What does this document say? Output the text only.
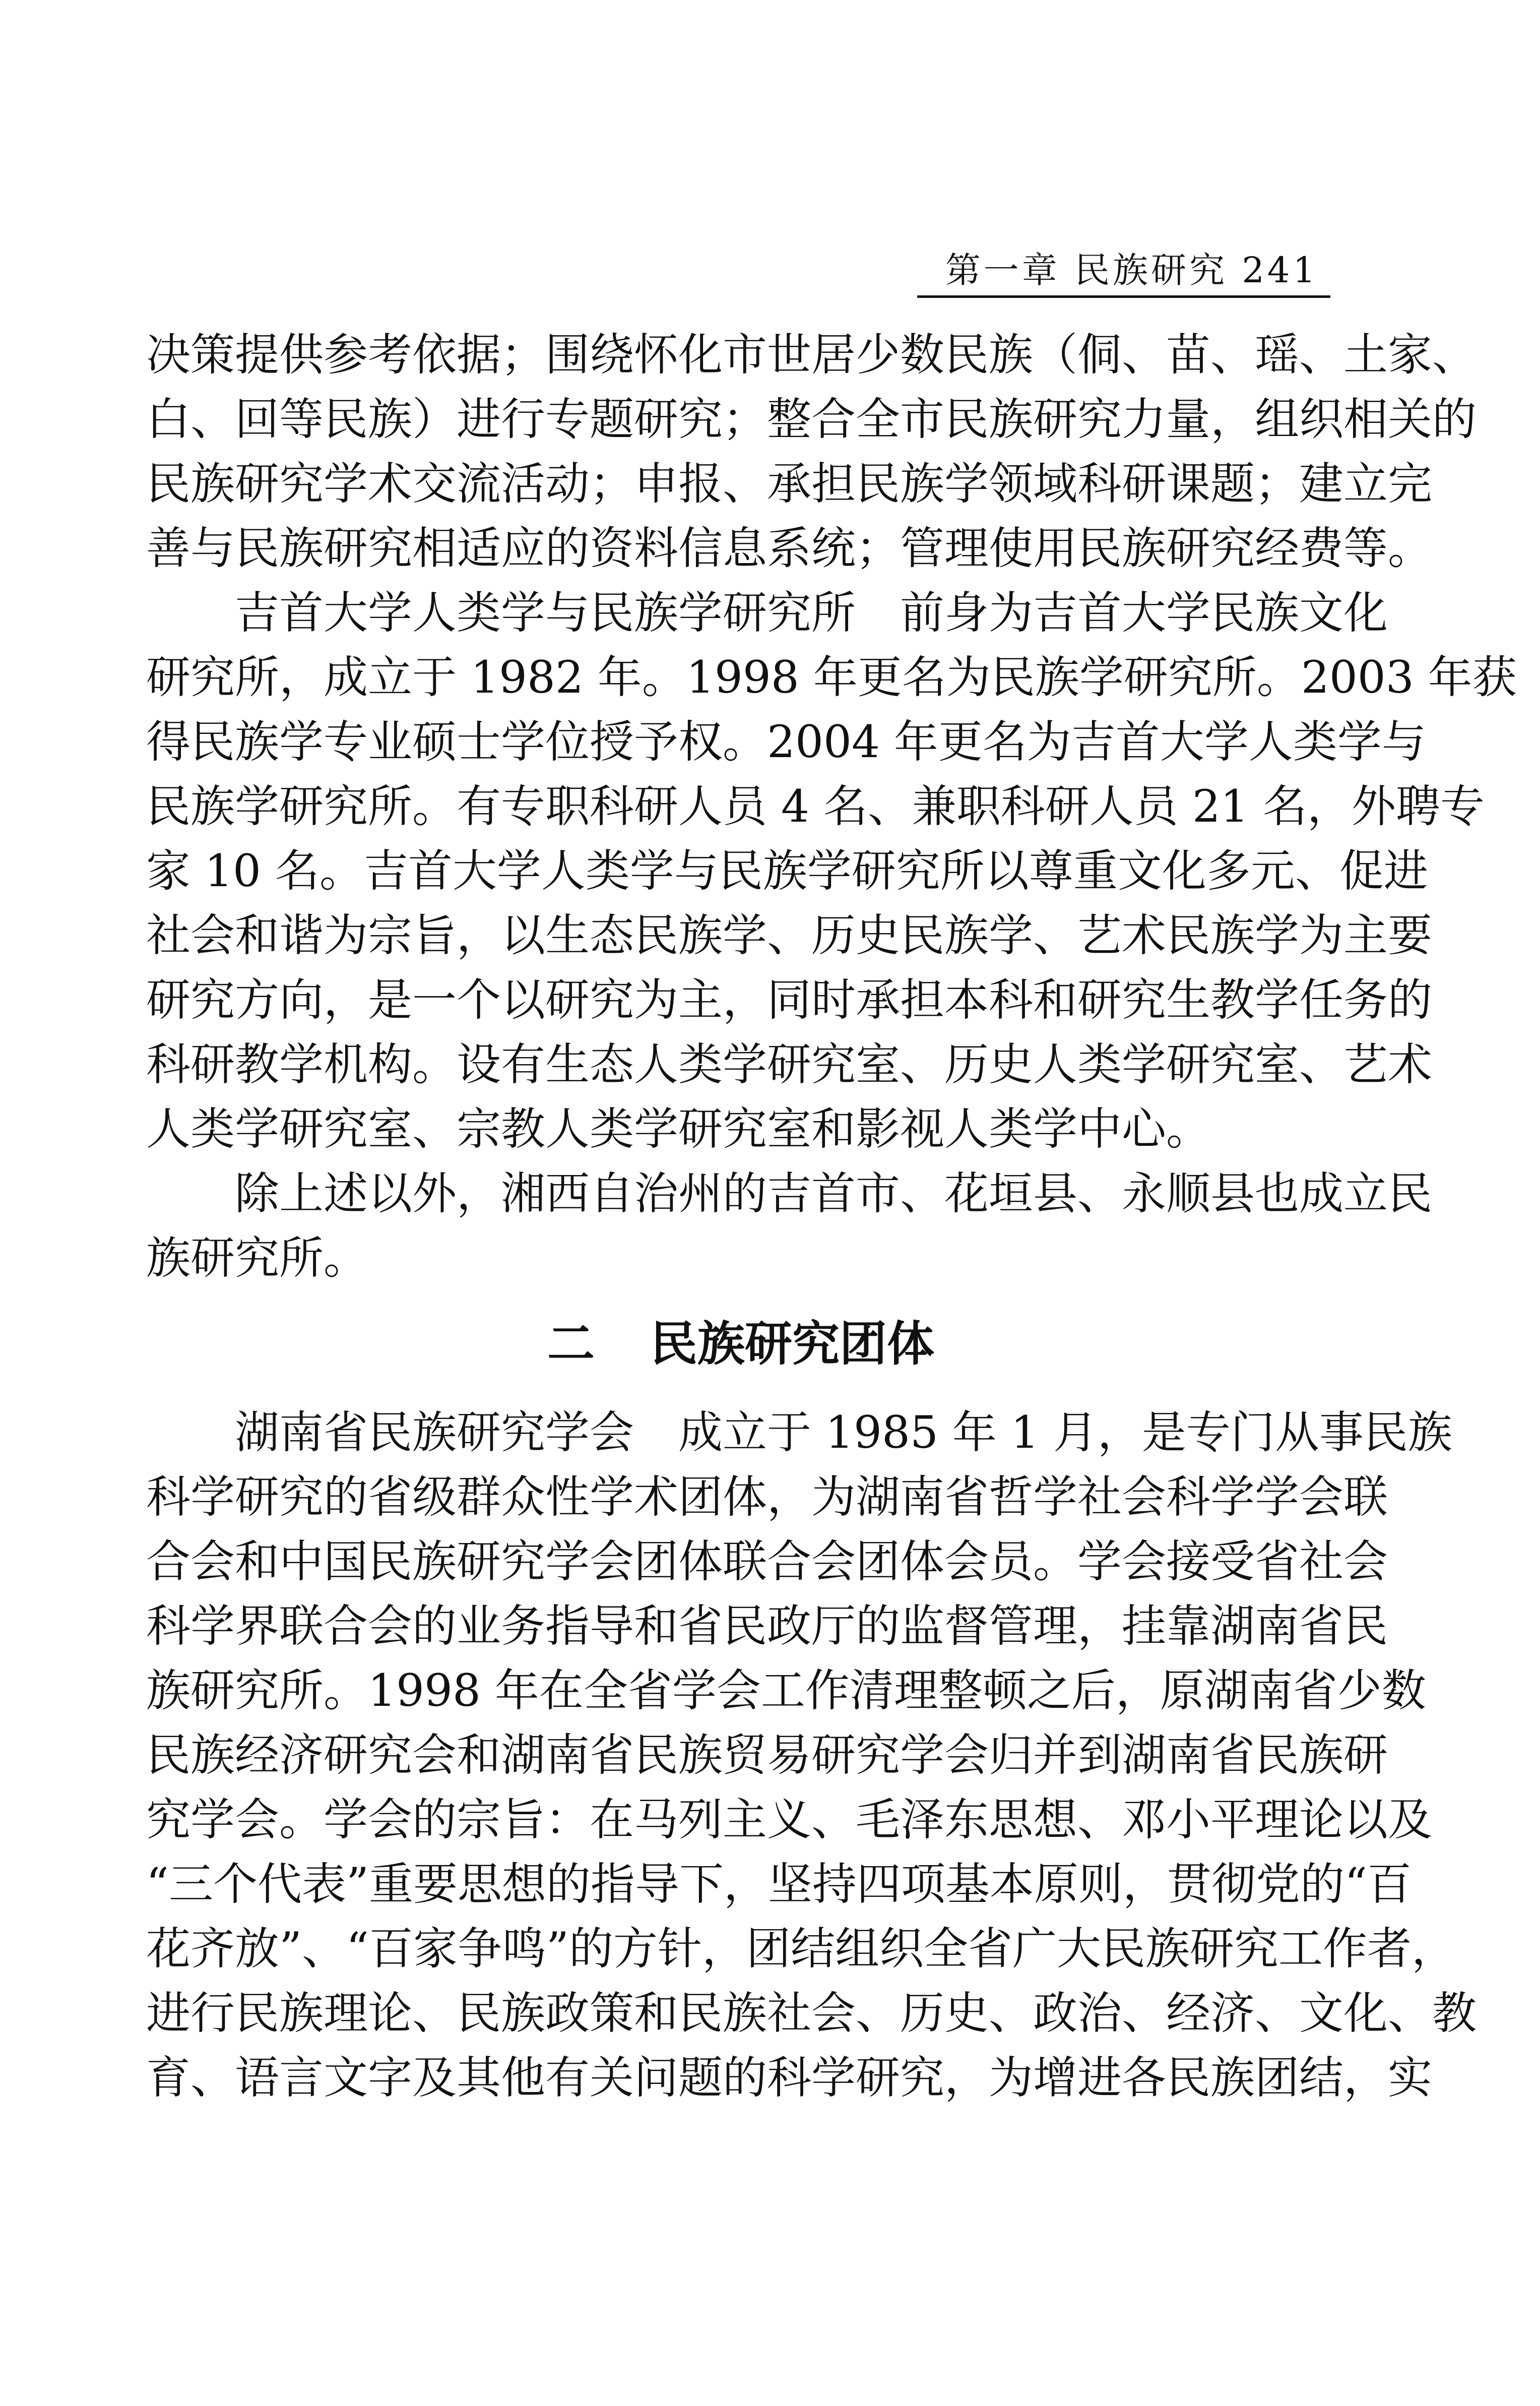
第一章 民族研究 241
决策提供参考依据；围绕怀化市世居少数民族（侗、苗、瑶、土家、
白、回等民族）进行专题研究；整合全市民族研究力量，组织相关的
民族研究学术交流活动；申报、承担民族学领域科研课题；建立完
善与民族研究相适应的资料信息系统；管理使用民族研究经费等。
吉首大学人类学与民族学研究所　前身为吉首大学民族文化
研究所，成立于 1982 年。1998 年更名为民族学研究所。2003 年获
得民族学专业硕士学位授予权。2004 年更名为吉首大学人类学与
民族学研究所。有专职科研人员 4 名、兼职科研人员 21 名，外聘专
家 10 名。吉首大学人类学与民族学研究所以尊重文化多元、促进
社会和谐为宗旨，以生态民族学、历史民族学、艺术民族学为主要
研究方向，是一个以研究为主，同时承担本科和研究生教学任务的
科研教学机构。设有生态人类学研究室、历史人类学研究室、艺术
人类学研究室、宗教人类学研究室和影视人类学中心。
除上述以外，湘西自治州的吉首市、花垣县、永顺县也成立民
族研究所。
二 民族研究团体
湖南省民族研究学会　成立于 1985 年 1 月，是专门从事民族
科学研究的省级群众性学术团体，为湖南省哲学社会科学学会联
合会和中国民族研究学会团体联合会团体会员。学会接受省社会
科学界联合会的业务指导和省民政厅的监督管理，挂靠湖南省民
族研究所。1998 年在全省学会工作清理整顿之后，原湖南省少数
民族经济研究会和湖南省民族贸易研究学会归并到湖南省民族研
究学会。学会的宗旨：在马列主义、毛泽东思想、邓小平理论以及
“三个代表”重要思想的指导下，坚持四项基本原则，贯彻党的“百
花齐放”、“百家争鸣”的方针，团结组织全省广大民族研究工作者，
进行民族理论、民族政策和民族社会、历史、政治、经济、文化、教
育、语言文字及其他有关问题的科学研究，为增进各民族团结，实
